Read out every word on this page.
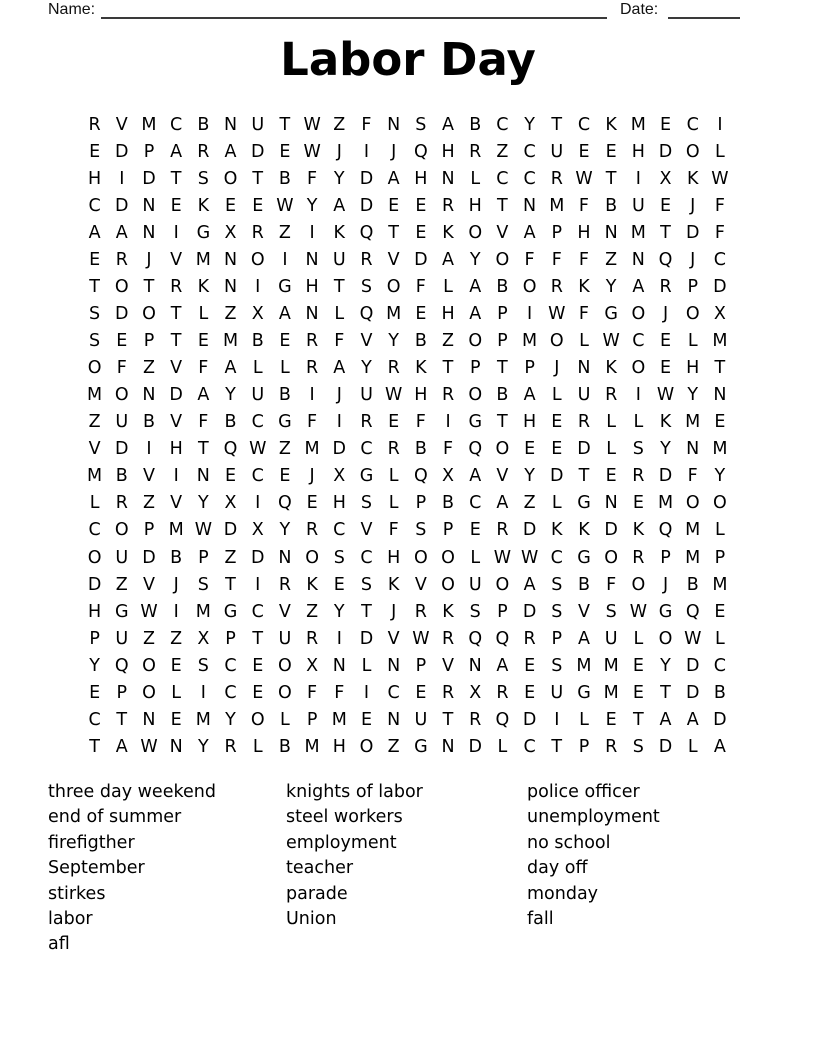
Name:	Date:
Labor Day
R V M C B N U T W Z F N S A B C Y T C K M E C	I
E D P A R A D E W J	I	J	Q H R Z C U E E H D O L
H	I	D T S O T B F Y D A H N L C C R W T	I	X K W
C D N E K E E W Y A D E E R H T N M F B U E	J	F
A A N	I	G X R Z	I	K Q T E K O V A P H N M T D F
E R	J	V M N O	I	N U R V D A Y O F F F Z N Q	J	C
T O T R K N	I	G H T S O F L A B O R K Y A R P D
S D O T L Z X A N L Q M E H A P	I W F G O	J	O X
S E P T E M B E R F V Y B Z O P M O L W C E L M
O F Z V F A L L R A Y R K T P T P	J	N K O E H T
M O N D A Y U B	I	J	U W H R O B A L U R	I W Y N
Z U B V F B C G F	I	R E F	I	G T H E R L L K M E
V D	I	H T Q W Z M D C R B F Q O E E D L S Y N M
M B V	I	N E C E	J	X G L Q X A V Y D T E R D F Y
L R Z V Y X	I	Q E H S L P B C A Z L G N E M O O
C O P M W D X Y R C V F S P E R D K K D K Q M L
O U D B P Z D N O S C H O O L W W C G O R P M P
D Z V	J	S T	I	R K E S K V O U O A S B F O	J	B M
H G W I M G C V Z Y T	J	R K S P D S V S W G Q E
P U Z Z X P T U R	I	D V W R Q Q R P A U L O W L
Y Q O E S C E O X N L N P V N A E S M M E Y D C
E P O L	I	C E O F F	I	C E R X R E U G M E T D B
C T N E M Y O L P M E N U T R Q D	I	L E T A A D
T A W N Y R L B M H O Z G N D L C T P R S D L A
three day weekend
end of summer
firefigther
September
stirkes
labor
afl
knights of labor
steel workers
employment
teacher
parade
Union
police officer
unemployment
no school
day off
monday
fall
